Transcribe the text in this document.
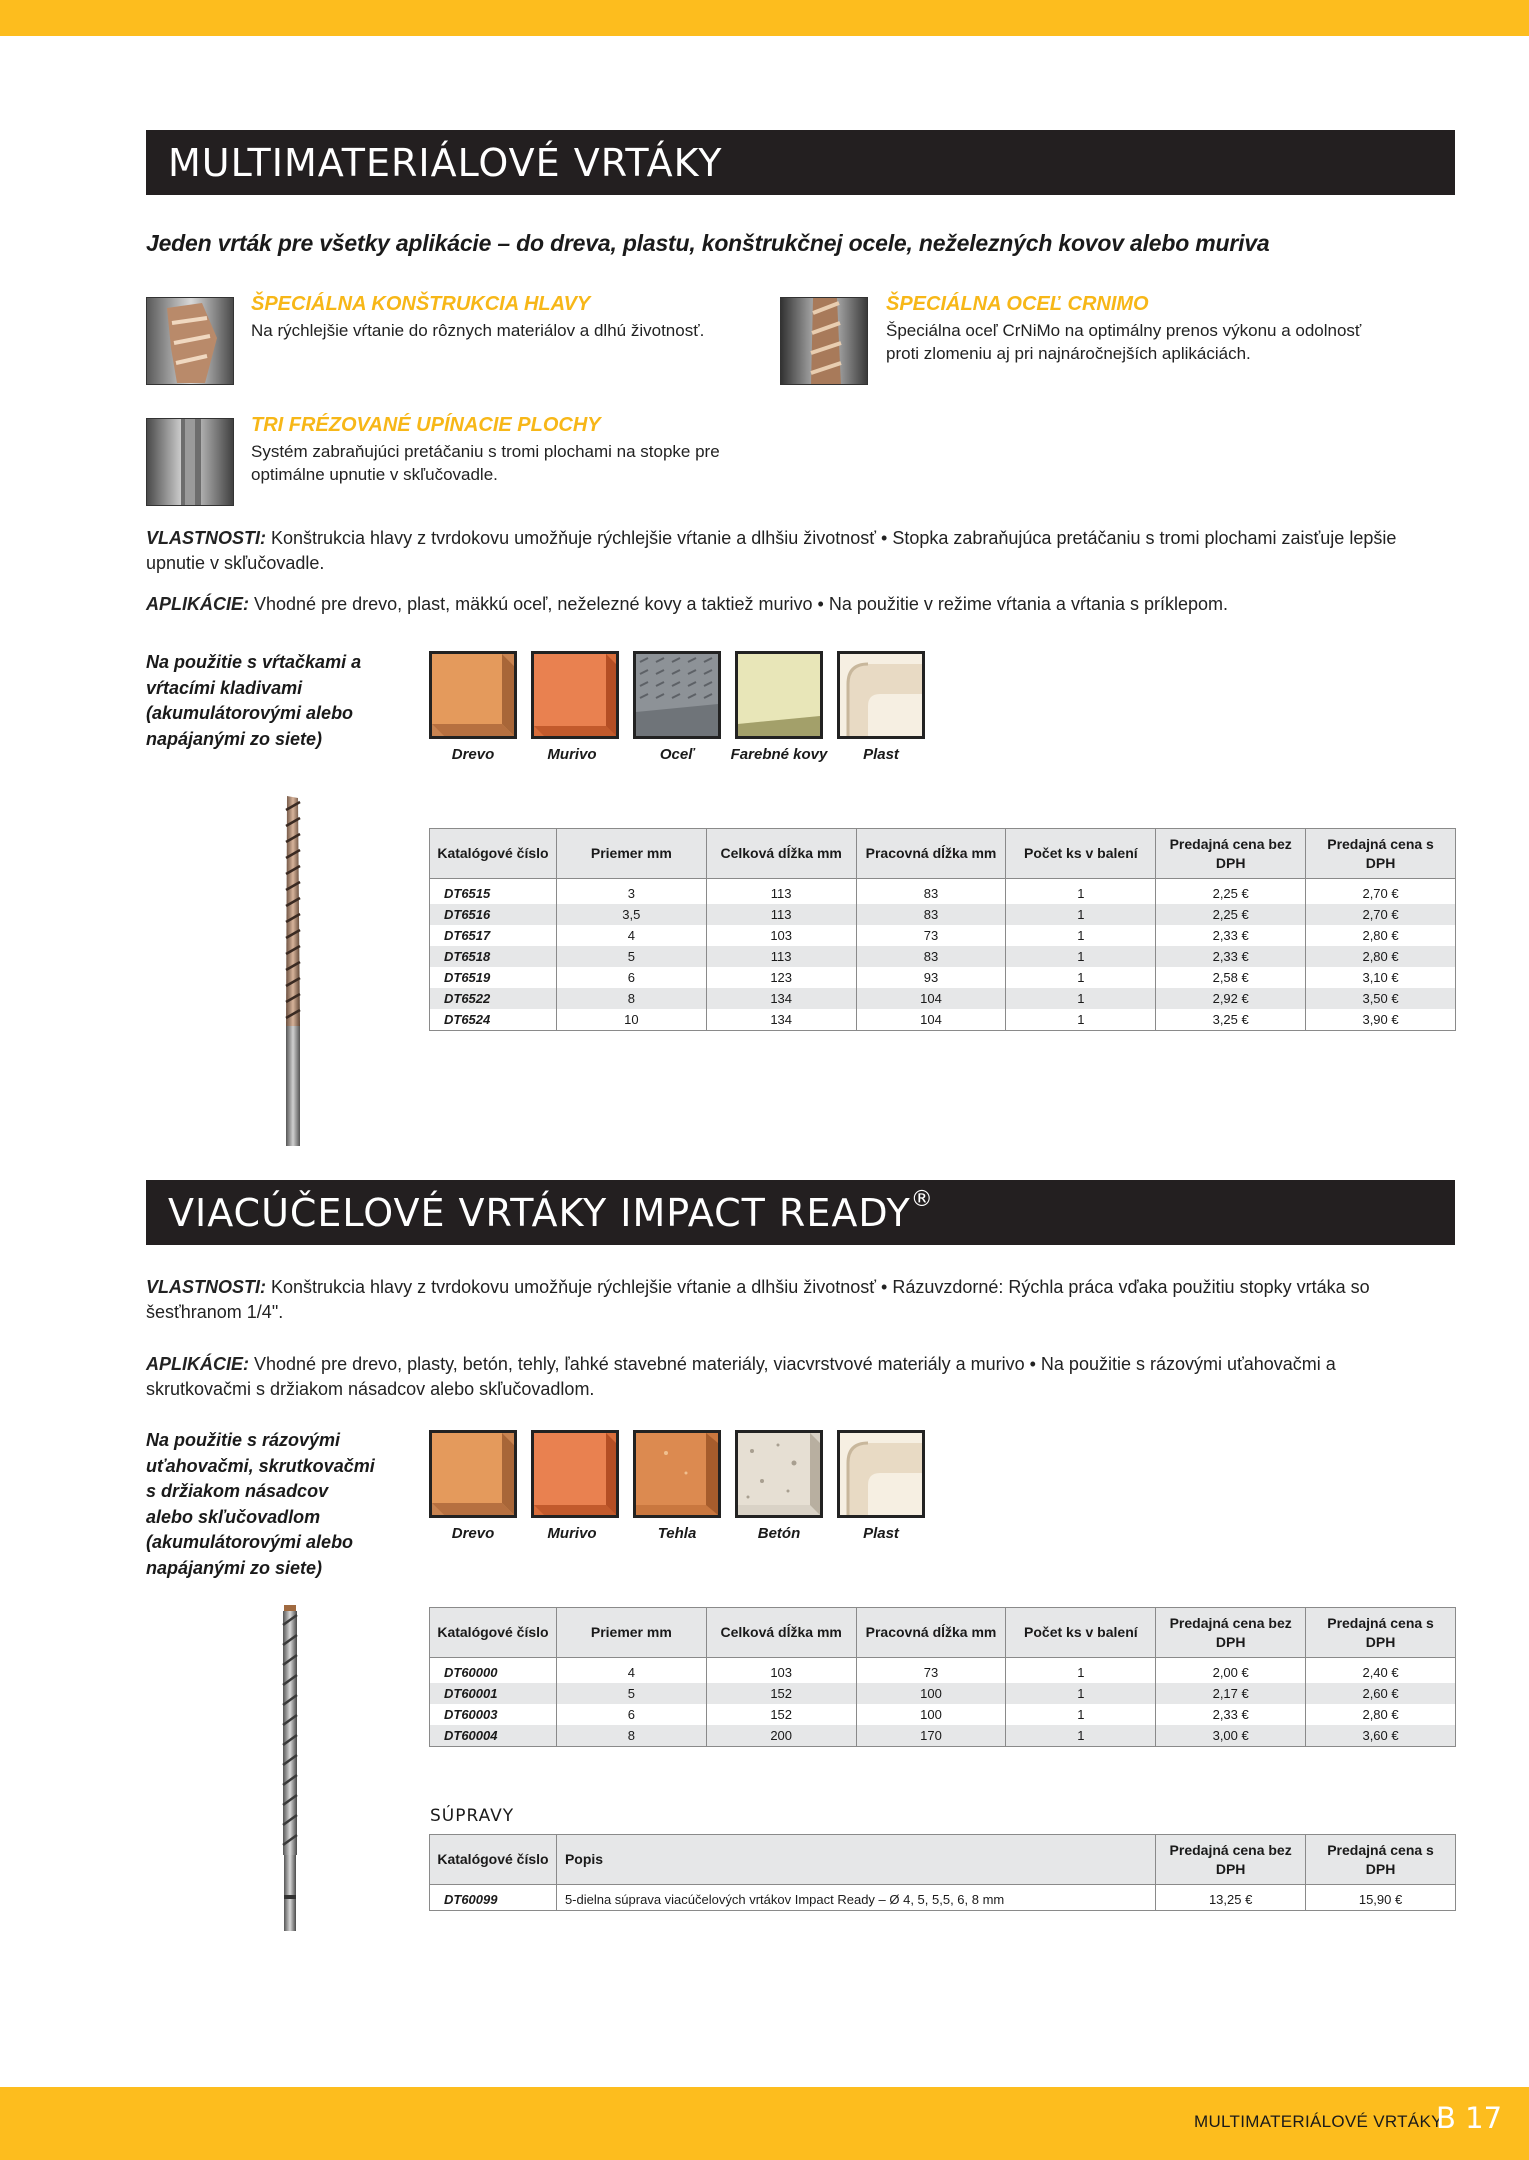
MULTIMATERIÁLOVÉ VRTÁKY
Jeden vrták pre všetky aplikácie – do dreva, plastu, konštrukčnej ocele, neželezných kovov alebo muriva
ŠPECIÁLNA KONŠTRUKCIA HLAVY
Na rýchlejšie vŕtanie do rôznych materiálov a dlhú životnosť.
ŠPECIÁLNA OCEĽ CRNIMO
Špeciálna oceľ CrNiMo na optimálny prenos výkonu a odolnosť proti zlomeniu aj pri najnáročnejších aplikáciách.
TRI FRÉZOVANÉ UPÍNACIE PLOCHY
Systém zabraňujúci pretáčaniu s tromi plochami na stopke pre optimálne upnutie v skľučovadle.
VLASTNOSTI: Konštrukcia hlavy z tvrdokovu umožňuje rýchlejšie vŕtanie a dlhšiu životnosť • Stopka zabraňujúca pretáčaniu s tromi plochami zaisťuje lepšie upnutie v skľučovadle.
APLIKÁCIE: Vhodné pre drevo, plast, mäkkú oceľ, neželezné kovy a taktiež murivo • Na použitie v režime vŕtania a vŕtania s príklepom.
Na použitie s vŕtačkami a vŕtacími kladivami (akumulátorovými alebo napájanými zo siete)
Drevo	Murivo	Oceľ	Farebné kovy	Plast
Katalógové číslo	Priemer mm	Celková dĺžka mm	Pracovná dĺžka mm	Počet ks v balení	Predajná cena bez DPH	Predajná cena s DPH
DT6515	3	113	83	1	2,25 €	2,70 €
DT6516	3,5	113	83	1	2,25 €	2,70 €
DT6517	4	103	73	1	2,33 €	2,80 €
DT6518	5	113	83	1	2,33 €	2,80 €
DT6519	6	123	93	1	2,58 €	3,10 €
DT6522	8	134	104	1	2,92 €	3,50 €
DT6524	10	134	104	1	3,25 €	3,90 €
VIACÚČELOVÉ VRTÁKY IMPACT READY®
VLASTNOSTI: Konštrukcia hlavy z tvrdokovu umožňuje rýchlejšie vŕtanie a dlhšiu životnosť • Rázuvzdorné: Rýchla práca vďaka použitiu stopky vrtáka so šesťhranom 1/4".
APLIKÁCIE: Vhodné pre drevo, plasty, betón, tehly, ľahké stavebné materiály, viacvrstvové materiály a murivo • Na použitie s rázovými uťahovačmi a skrutkovačmi s držiakom násadcov alebo skľučovadlom.
Na použitie s rázovými uťahovačmi, skrutkovačmi s držiakom násadcov alebo skľučovadlom (akumulátorovými alebo napájanými zo siete)
Drevo	Murivo	Tehla	Betón	Plast
Katalógové číslo	Priemer mm	Celková dĺžka mm	Pracovná dĺžka mm	Počet ks v balení	Predajná cena bez DPH	Predajná cena s DPH
DT60000	4	103	73	1	2,00 €	2,40 €
DT60001	5	152	100	1	2,17 €	2,60 €
DT60003	6	152	100	1	2,33 €	2,80 €
DT60004	8	200	170	1	3,00 €	3,60 €
SÚPRAVY
Katalógové číslo	Popis	Predajná cena bez DPH	Predajná cena s DPH
DT60099	5-dielna súprava viacúčelových vrtákov Impact Ready – Ø 4, 5, 5,5, 6, 8 mm	13,25 €	15,90 €
MULTIMATERIÁLOVÉ VRTÁKY
B 17
